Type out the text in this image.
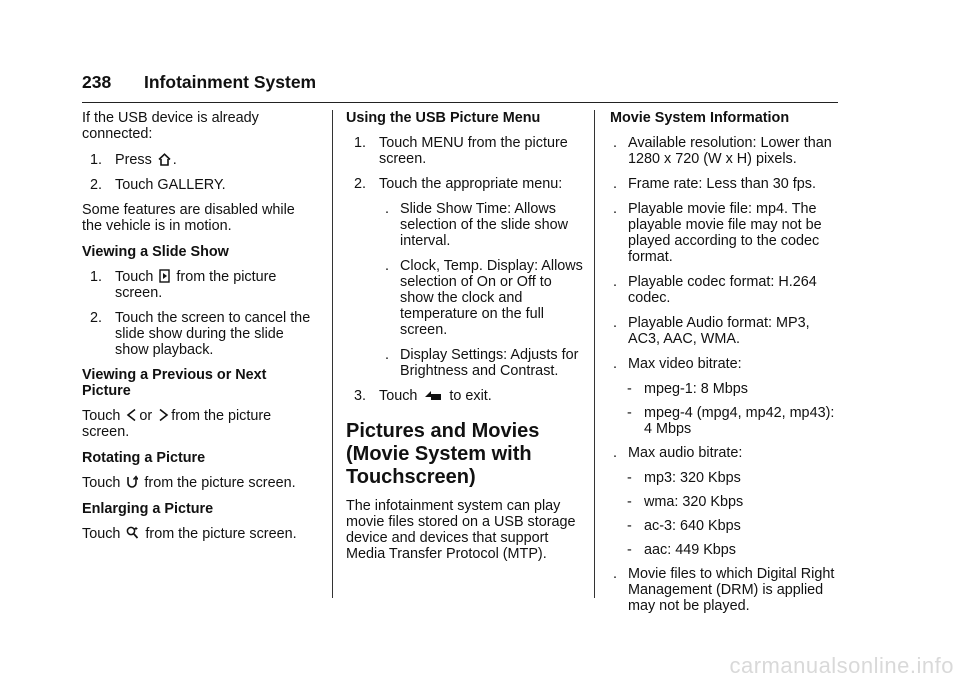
238 Infotainment System

If the USB device is already connected:

1. Press .
2. Touch GALLERY.

Some features are disabled while the vehicle is in motion.

Viewing a Slide Show

1. Touch from the picture screen.
2. Touch the screen to cancel the slide show during the slide show playback.

Viewing a Previous or Next Picture

Touch or from the picture screen.

Rotating a Picture

Touch from the picture screen.

Enlarging a Picture

Touch from the picture screen.

Using the USB Picture Menu

1. Touch MENU from the picture screen.
2. Touch the appropriate menu:
. Slide Show Time: Allows selection of the slide show interval.
. Clock, Temp. Display: Allows selection of On or Off to show the clock and temperature on the full screen.
. Display Settings: Adjusts for Brightness and Contrast.
3. Touch to exit.

Pictures and Movies (Movie System with Touchscreen)

The infotainment system can play movie files stored on a USB storage device and devices that support Media Transfer Protocol (MTP).

Movie System Information

. Available resolution: Lower than 1280 x 720 (W x H) pixels.
. Frame rate: Less than 30 fps.
. Playable movie file: mp4. The playable movie file may not be played according to the codec format.
. Playable codec format: H.264 codec.
. Playable Audio format: MP3, AC3, AAC, WMA.
. Max video bitrate:
- mpeg-1: 8 Mbps
- mpeg-4 (mpg4, mp42, mp43): 4 Mbps
. Max audio bitrate:
- mp3: 320 Kbps
- wma: 320 Kbps
- ac-3: 640 Kbps
- aac: 449 Kbps
. Movie files to which Digital Right Management (DRM) is applied may not be played.
carmanualsonline.info
